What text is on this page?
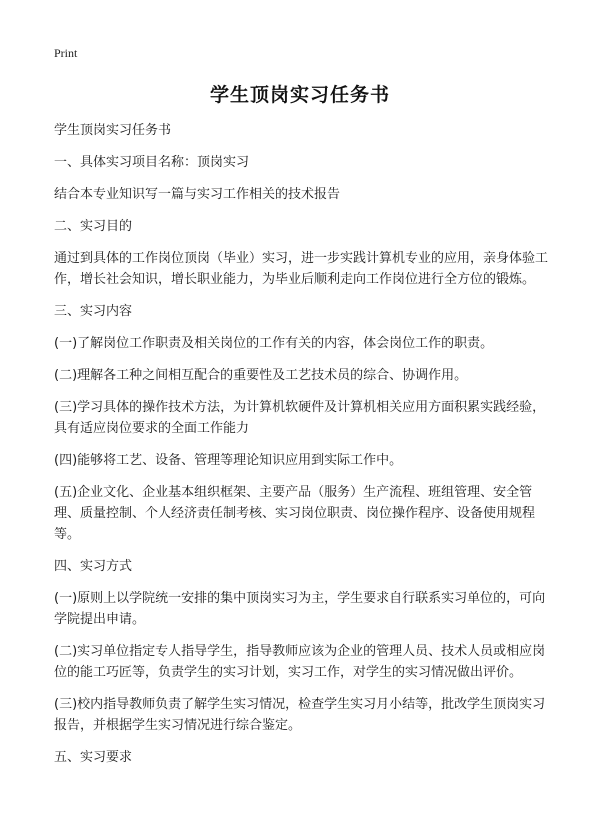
Print
学生顶岗实习任务书

学生顶岗实习任务书

一、具体实习项目名称：顶岗实习

结合本专业知识写一篇与实习工作相关的技术报告

二、实习目的

通过到具体的工作岗位顶岗（毕业）实习，进一步实践计算机专业的应用，亲身体验工作，增长社会知识，增长职业能力，为毕业后顺利走向工作岗位进行全方位的锻炼。

三、实习内容

(一)了解岗位工作职责及相关岗位的工作有关的内容，体会岗位工作的职责。

(二)理解各工种之间相互配合的重要性及工艺技术员的综合、协调作用。

(三)学习具体的操作技术方法，为计算机软硬件及计算机相关应用方面积累实践经验，具有适应岗位要求的全面工作能力

(四)能够将工艺、设备、管理等理论知识应用到实际工作中。

(五)企业文化、企业基本组织框架、主要产品（服务）生产流程、班组管理、安全管理、质量控制、个人经济责任制考核、实习岗位职责、岗位操作程序、设备使用规程等。

四、实习方式

(一)原则上以学院统一安排的集中顶岗实习为主，学生要求自行联系实习单位的，可向学院提出申请。

(二)实习单位指定专人指导学生，指导教师应该为企业的管理人员、技术人员或相应岗位的能工巧匠等，负责学生的实习计划，实习工作，对学生的实习情况做出评价。

(三)校内指导教师负责了解学生实习情况，检查学生实习月小结等，批改学生顶岗实习报告，并根据学生实习情况进行综合鉴定。

五、实习要求
